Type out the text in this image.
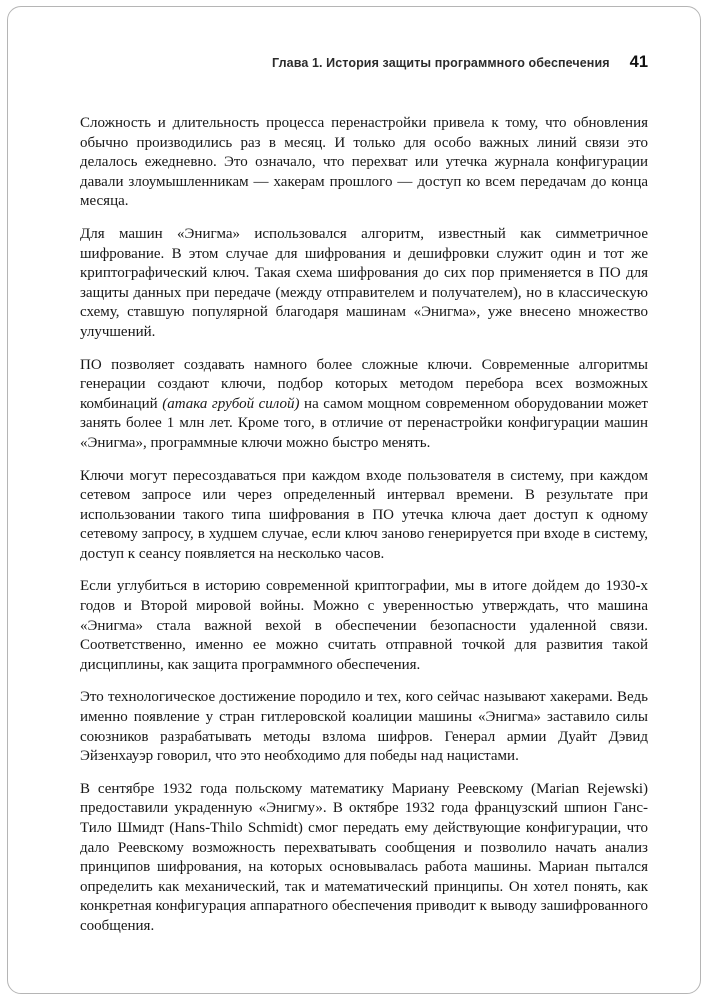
Глава 1. История защиты программного обеспечения 41

Сложность и длительность процесса перенастройки привела к тому, что обновления обычно производились раз в месяц. И только для особо важных линий связи это делалось ежедневно. Это означало, что перехват или утечка журнала конфигурации давали злоумышленникам — хакерам прошлого — доступ ко всем передачам до конца месяца.

Для машин «Энигма» использовался алгоритм, известный как симметричное шифрование. В этом случае для шифрования и дешифровки служит один и тот же криптографический ключ. Такая схема шифрования до сих пор применяется в ПО для защиты данных при передаче (между отправителем и получателем), но в классическую схему, ставшую популярной благодаря машинам «Энигма», уже внесено множество улучшений.

ПО позволяет создавать намного более сложные ключи. Современные алгоритмы генерации создают ключи, подбор которых методом перебора всех возможных комбинаций (атака грубой силой) на самом мощном современном оборудовании может занять более 1 млн лет. Кроме того, в отличие от перенастройки конфигурации машин «Энигма», программные ключи можно быстро менять.

Ключи могут пересоздаваться при каждом входе пользователя в систему, при каждом сетевом запросе или через определенный интервал времени. В результате при использовании такого типа шифрования в ПО утечка ключа дает доступ к одному сетевому запросу, в худшем случае, если ключ заново генерируется при входе в систему, доступ к сеансу появляется на несколько часов.

Если углубиться в историю современной криптографии, мы в итоге дойдем до 1930-х годов и Второй мировой войны. Можно с уверенностью утверждать, что машина «Энигма» стала важной вехой в обеспечении безопасности удаленной связи. Соответственно, именно ее можно считать отправной точкой для развития такой дисциплины, как защита программного обеспечения.

Это технологическое достижение породило и тех, кого сейчас называют хакерами. Ведь именно появление у стран гитлеровской коалиции машины «Энигма» заставило силы союзников разрабатывать методы взлома шифров. Генерал армии Дуайт Дэвид Эйзенхауэр говорил, что это необходимо для победы над нацистами.

В сентябре 1932 года польскому математику Мариану Реевскому (Marian Rejewski) предоставили украденную «Энигму». В октябре 1932 года французский шпион Ганс-Тило Шмидт (Hans-Thilo Schmidt) смог передать ему действующие конфигурации, что дало Реевскому возможность перехватывать сообщения и позволило начать анализ принципов шифрования, на которых основывалась работа машины. Мариан пытался определить как механический, так и математический принципы. Он хотел понять, как конкретная конфигурация аппаратного обеспечения приводит к выводу зашифрованного сообщения.
